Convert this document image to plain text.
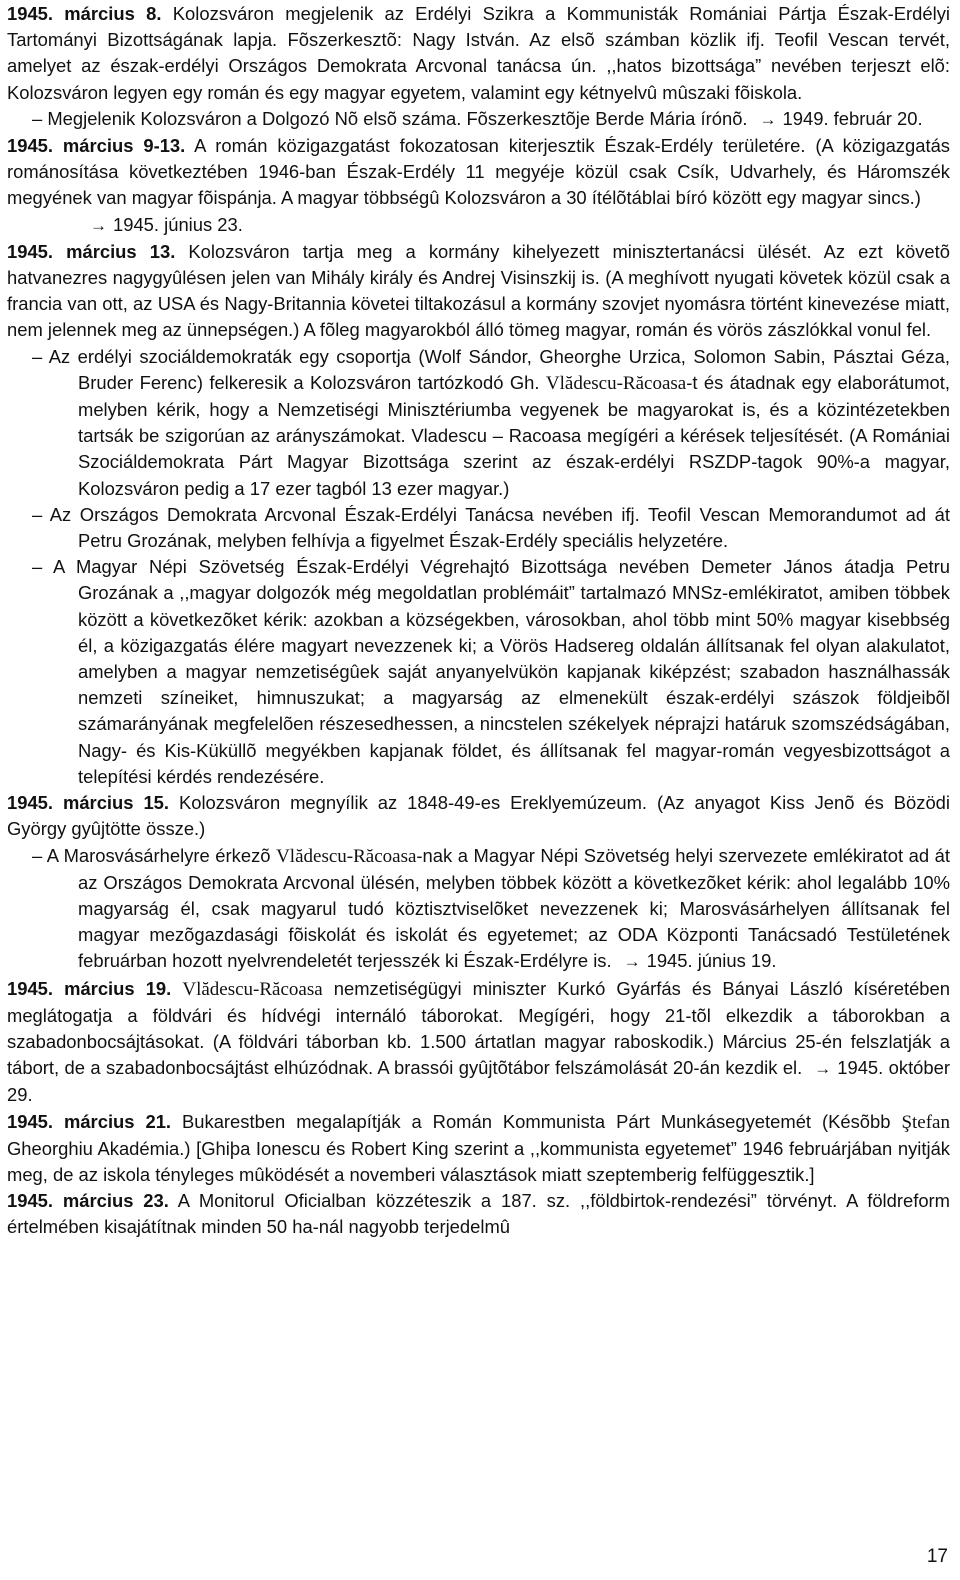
1945. március 8. Kolozsváron megjelenik az Erdélyi Szikra a Kommunisták Romániai Pártja Észak-Erdélyi Tartományi Bizottságának lapja. Fõszerkesztõ: Nagy István. Az elsõ számban közlik ifj. Teofil Vescan tervét, amelyet az észak-erdélyi Országos Demokrata Arcvonal tanácsa ún. ,,hatos bizottsága” nevében terjeszt elõ: Kolozsváron legyen egy román és egy magyar egyetem, valamint egy kétnyelvû mûszaki fõiskola.

– Megjelenik Kolozsváron a Dolgozó Nõ elsõ száma. Fõszerkesztõje Berde Mária írónõ. → 1949. február 20.

1945. március 9-13. A román közigazgatást fokozatosan kiterjesztik Észak-Erdély területére. (A közigazgatás románosítása következtében 1946-ban Észak-Erdély 11 megyéje közül csak Csík, Udvarhely, és Háromszék megyének van magyar fõispánja. A magyar többségû Kolozsváron a 30 ítélõtáblai bíró között egy magyar sincs.)

→ 1945. június 23.

1945. március 13. Kolozsváron tartja meg a kormány kihelyezett minisztertanácsi ülését. Az ezt követõ hatvanezres nagygyûlésen jelen van Mihály király és Andrej Visinszkij is. (A meghívott nyugati követek közül csak a francia van ott, az USA és Nagy-Britannia követei tiltakozásul a kormány szovjet nyomásra történt kinevezése miatt, nem jelennek meg az ünnepségen.) A fõleg magyarokból álló tömeg magyar, román és vörös zászlókkal vonul fel.

– Az erdélyi szociáldemokraták egy csoportja (Wolf Sándor, Gheorghe Urzica, Solomon Sabin, Pásztai Géza, Bruder Ferenc) felkeresik a Kolozsváron tartózkodó Gh. Vlădescu-Răcoasa-t és átadnak egy elaborátumot, melyben kérik, hogy a Nemzetiségi Minisztériumba vegyenek be magyarokat is, és a közintézetekben tartsák be szigorúan az arányszámokat. Vladescu – Racoasa megígéri a kérések teljesítését. (A Romániai Szociáldemokrata Párt Magyar Bizottsága szerint az észak-erdélyi RSZDP-tagok 90%-a magyar, Kolozsváron pedig a 17 ezer tagból 13 ezer magyar.)

– Az Országos Demokrata Arcvonal Észak-Erdélyi Tanácsa nevében ifj. Teofil Vescan Memorandumot ad át Petru Grozának, melyben felhívja a figyelmet Észak-Erdély speciális helyzetére.

– A Magyar Népi Szövetség Észak-Erdélyi Végrehajtó Bizottsága nevében Demeter János átadja Petru Grozának a ,,magyar dolgozók még megoldatlan problémáit” tartalmazó MNSz-emlékiratot, amiben többek között a következõket kérik: azokban a községekben, városokban, ahol több mint 50% magyar kisebbség él, a közigazgatás élére magyart nevezzenek ki; a Vörös Hadsereg oldalán állítsanak fel olyan alakulatot, amelyben a magyar nemzetiségûek saját anyanyelvükön kapjanak kiképzést; szabadon használhassák nemzeti színeiket, himnuszukat; a magyarság az elmenekült észak-erdélyi szászok földjeibõl számarányának megfelelõen részesedhessen, a nincstelen székelyek néprajzi határuk szomszédságában, Nagy- és Kis-Küküllõ megyékben kapjanak földet, és állítsanak fel magyar-román vegyesbizottságot a telepítési kérdés rendezésére.

1945. március 15. Kolozsváron megnyílik az 1848-49-es Ereklyemúzeum. (Az anyagot Kiss Jenõ és Bözödi György gyûjtötte össze.)

– A Marosvásárhelyre érkezõ Vlădescu-Răcoasa-nak a Magyar Népi Szövetség helyi szervezete emlékiratot ad át az Országos Demokrata Arcvonal ülésén, melyben többek között a következõket kérik: ahol legalább 10% magyarság él, csak magyarul tudó köztisztviselõket nevezzenek ki; Marosvásárhelyen állítsanak fel magyar mezõgazdasági fõiskolát és iskolát és egyetemet; az ODA Központi Tanácsadó Testületének februárban hozott nyelvrendeletét terjesszék ki Észak-Erdélyre is. → 1945. június 19.

1945. március 19. Vlădescu-Răcoasa nemzetiségügyi miniszter Kurkó Gyárfás és Bányai László kíséretében meglátogatja a földvári és hídvégi internáló táborokat. Megígéri, hogy 21-tõl elkezdik a táborokban a szabadonbocsájtásokat. (A földvári táborban kb. 1.500 ártatlan magyar raboskodik.) Március 25-én felszlatják a tábort, de a szabadonbocsájtást elhúzódnak. A brassói gyûjtõtábor felszámolását 20-án kezdik el. → 1945. október 29.

1945. március 21. Bukarestben megalapítják a Román Kommunista Párt Munkásegyetemét (Késõbb Ştefan Gheorghiu Akadémia.) [Ghiþa Ionescu és Robert King szerint a ,,kommunista egyetemet” 1946 februárjában nyitják meg, de az iskola tényleges mûködését a novemberi választások miatt szeptemberig felfüggesztik.]

1945. március 23. A Monitorul Oficialban közzéteszik a 187. sz. ,,földbirtok-rendezési” törvényt. A földreform értelmében kisajátítnak minden 50 ha-nál nagyobb terjedelmû

17
